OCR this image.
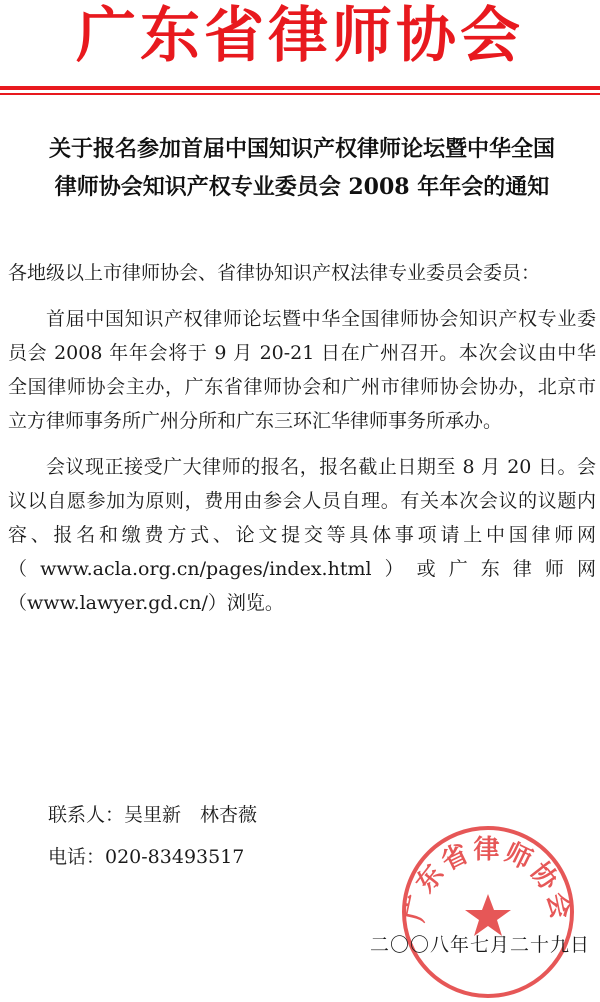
广东省律师协会
关于报名参加首届中国知识产权律师论坛暨中华全国
律师协会知识产权专业委员会 2008 年年会的通知

各地级以上市律师协会、省律协知识产权法律专业委员会委员：

首届中国知识产权律师论坛暨中华全国律师协会知识产权专业委员会 2008 年年会将于 9 月 20-21 日在广州召开。本次会议由中华全国律师协会主办，广东省律师协会和广州市律师协会协办，北京市立方律师事务所广州分所和广东三环汇华律师事务所承办。

会议现正接受广大律师的报名，报名截止日期至 8 月 20 日。会议以自愿参加为原则，费用由参会人员自理。有关本次会议的议题内容、报名和缴费方式、论文提交等具体事项请上中国律师网（www.acla.org.cn/pages/index.html）或广东律师网（www.lawyer.gd.cn/）浏览。

联系人：吴里新　林杏薇
电话：020-83493517
广东省律师协会
二〇〇八年七月二十九日
